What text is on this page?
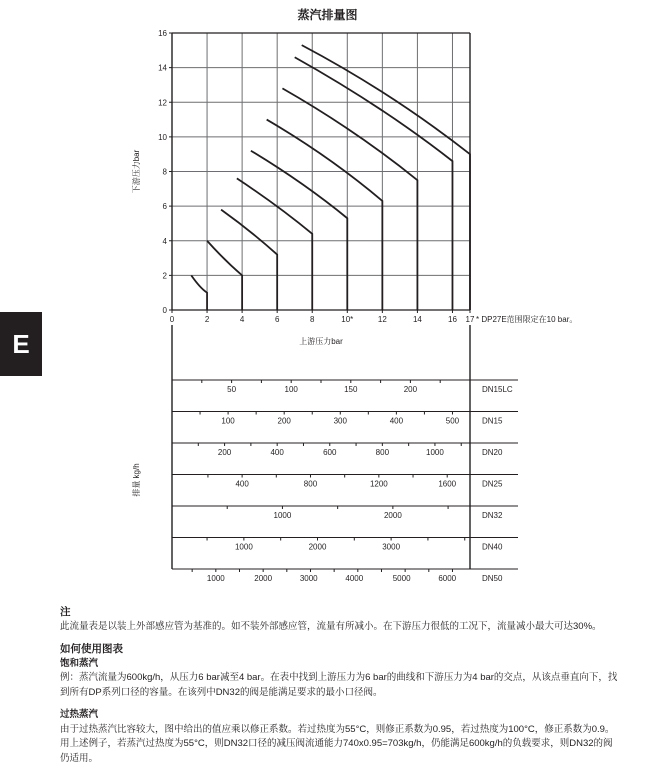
蒸汽排量图
E
0
2
4
6
8
10
12
14
16
0	2	4	6	8	10*	12	14	16 17 * DP27E范围限定在10 bar。
下游压力bar
上游压力bar
排量 kg/h
50	100	150	200	DN15LC
100	200	300	400	500	DN15
200	400	600	800	1000	DN20
400	800	1200	1600	DN25
1000	2000	DN32
1000	2000	3000	DN40
1000	2000	3000	4000	5000	6000	DN50
注

此流量表是以装上外部感应管为基准的。如不装外部感应管，流量有所减小。在下游压力很低的工况下，流量减小最大可达30%。

如何使用图表
饱和蒸汽

例：蒸汽流量为600kg/h，从压力6 bar减至4 bar。在表中找到上游压力为6 bar的曲线和下游压力为4 bar的交点，从该点垂直向下，找到所有DP系列口径的容量。在该列中DN32的阀是能满足要求的最小口径阀。

过热蒸汽

由于过热蒸汽比容较大，图中给出的值应乘以修正系数。若过热度为55°C，则修正系数为0.95，若过热度为100°C，修正系数为0.9。用上述例子，若蒸汽过热度为55°C，则DN32口径的减压阀流通能力740x0.95=703kg/h，仍能满足600kg/h的负载要求，则DN32的阀仍适用。
